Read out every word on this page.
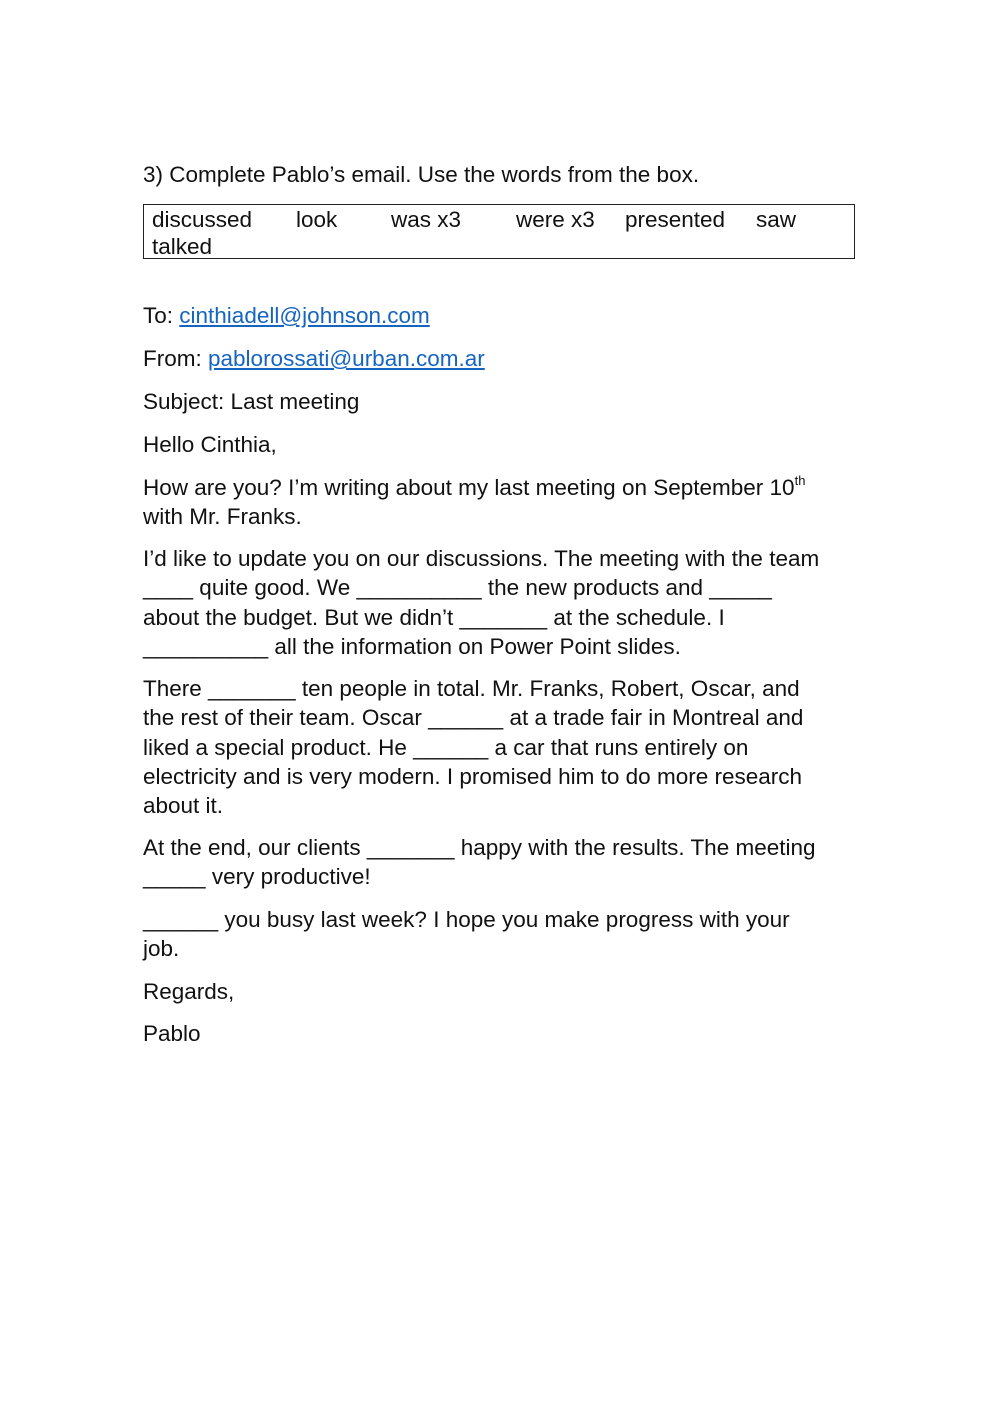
3) Complete Pablo’s email. Use the words from the box.
discussed look was x3 were x3 presented saw
talked
To: cinthiadell@johnson.com
From: pablorossati@urban.com.ar
Subject: Last meeting
Hello Cinthia,
How are you? I’m writing about my last meeting on September 10th
with Mr. Franks.
I’d like to update you on our discussions. The meeting with the team
____ quite good. We __________ the new products and _____
about the budget. But we didn’t _______ at the schedule. I
__________ all the information on Power Point slides.
There _______ ten people in total. Mr. Franks, Robert, Oscar, and
the rest of their team. Oscar ______ at a trade fair in Montreal and
liked a special product. He ______ a car that runs entirely on
electricity and is very modern. I promised him to do more research
about it.
At the end, our clients _______ happy with the results. The meeting
_____ very productive!
______ you busy last week? I hope you make progress with your
job.
Regards,
Pablo
